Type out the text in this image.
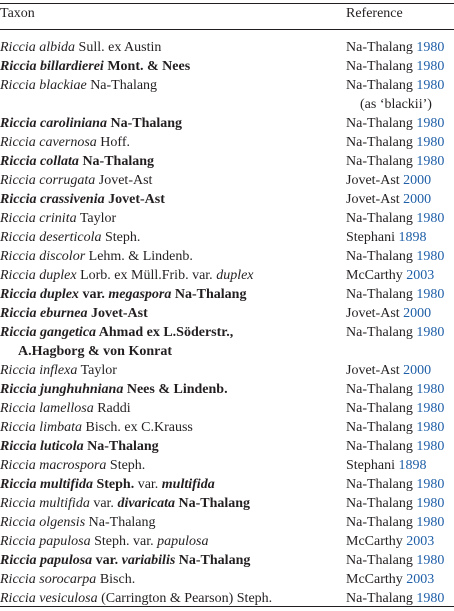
Taxon	Reference
Riccia albida Sull. ex Austin	Na-Thalang 1980
Riccia billardierei Mont. & Nees	Na-Thalang 1980
Riccia blackiae Na-Thalang	Na-Thalang 1980
(as ‘blackii’)
Riccia caroliniana Na-Thalang	Na-Thalang 1980
Riccia cavernosa Hoff.	Na-Thalang 1980
Riccia collata Na-Thalang	Na-Thalang 1980
Riccia corrugata Jovet-Ast	Jovet-Ast 2000
Riccia crassivenia Jovet-Ast	Jovet-Ast 2000
Riccia crinita Taylor	Na-Thalang 1980
Riccia deserticola Steph.	Stephani 1898
Riccia discolor Lehm. & Lindenb.	Na-Thalang 1980
Riccia duplex Lorb. ex Müll.Frib. var. duplex	McCarthy 2003
Riccia duplex var. megaspora Na-Thalang	Na-Thalang 1980
Riccia eburnea Jovet-Ast	Jovet-Ast 2000
Riccia gangetica Ahmad ex L.Söderstr.,	Na-Thalang 1980
A.Hagborg & von Konrat
Riccia inflexa Taylor	Jovet-Ast 2000
Riccia junghuhniana Nees & Lindenb.	Na-Thalang 1980
Riccia lamellosa Raddi	Na-Thalang 1980
Riccia limbata Bisch. ex C.Krauss	Na-Thalang 1980
Riccia luticola Na-Thalang	Na-Thalang 1980
Riccia macrospora Steph.	Stephani 1898
Riccia multifida Steph. var. multifida	Na-Thalang 1980
Riccia multifida var. divaricata Na-Thalang	Na-Thalang 1980
Riccia olgensis Na-Thalang	Na-Thalang 1980
Riccia papulosa Steph. var. papulosa	McCarthy 2003
Riccia papulosa var. variabilis Na-Thalang	Na-Thalang 1980
Riccia sorocarpa Bisch.	McCarthy 2003
Riccia vesiculosa (Carrington & Pearson) Steph.	Na-Thalang 1980
